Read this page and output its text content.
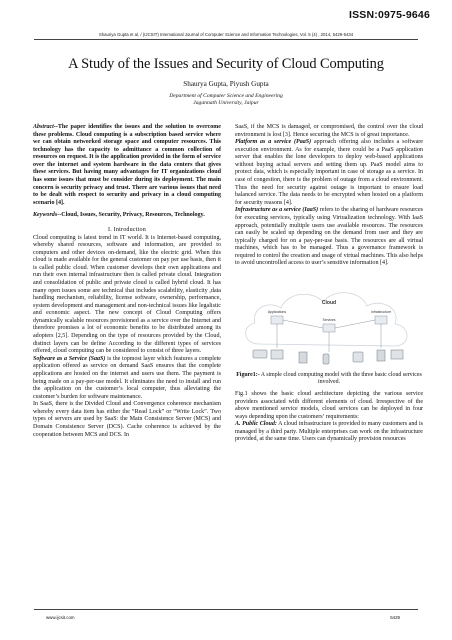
ISSN:0975-9646
Shauriya Gupta et al, / (IJCSIT) International Journal of Computer Science and Information Technologies, Vol. 5 (4) , 2014, 5429-5434
A Study of the Issues and Security of Cloud Computing
Shaurya Gupta, Piyush Gupta
Department of Computer Science and Engineering
Jagannath University, Jaipur

Abstract--The paper identifies the issues and the solution to overcome these problems. Cloud computing is a subscription based service where we can obtain networked storage space and computer resources. This technology has the capacity to admittance a common collection of resources on request. It is the application provided in the form of service over the internet and system hardware in the data centers that gives these services. But having many advantages for IT organizations cloud has some issues that must be consider during its deployment. The main concern is security privacy and trust. There are various issues that need to be dealt with respect to security and privacy in a cloud computing scenario [4].

Keywords--Cloud, Issues, Security, Privacy, Resources, Technology.

I. Introduction

Cloud computing is latest trend in IT world. It is Internet-based computing, whereby shared resources, software and information, are provided to computers and other devices on-demand, like the electric grid. When this cloud is made available for the general customer on pay per use basis, then it is called public cloud. When customer develops their own applications and run their own internal infrastructure then is called private cloud. Integration and consolidation of public and private cloud is called hybrid cloud. It has many open issues some are technical that includes scalability, elasticity ,data handling mechanism, reliability, license software, ownership, performance, system development and management and non-technical issues like legalistic and economic aspect. The new concept of Cloud Computing offers dynamically scalable resources provisioned as a service over the Internet and therefore promises a lot of economic benefits to be distributed among its adopters [2,5]. Depending on the type of resources provided by the Cloud, distinct layers can be define According to the different types of services offered, cloud computing can be considered to consist of three layers.

Software as a Service (SaaS) is the topmost layer which features a complete application offered as service on demand SaaS ensures that the complete applications are hosted on the internet and users use them. The payment is being made on a pay-per-use model. It eliminates the need to install and run the application on the customer’s local computer, thus alleviating the customer’s burden for software maintenance.

In SaaS, there is the Divided Cloud and Convergence coherence mechanism whereby every data item has either the “Read Lock” or “Write Lock”. Two types of servers are used by SaaS: the Main Consistence Server (MCS) and Domain Consistence Server (DCS). Cache coherence is achieved by the cooperation between MCS and DCS. In

SaaS, if the MCS is damaged, or compromised, the control over the cloud environment is lost [3]. Hence securing the MCS is of great importance.

Platform as a service (PaaS) approach offering also includes a software execution environment. As for example, there could be a PaaS application server that enables the lone developers to deploy web-based applications without buying actual servers and setting them up. PaaS model aims to protect data, which is especially important in case of storage as a service. In case of congestion, there is the problem of outage from a cloud environment. Thus the need for security against outage is important to ensure load balanced service. The data needs to be encrypted when hosted on a platform for security reasons [4].

Infrastructure as a service (IaaS) refers to the sharing of hardware resources for executing services, typically using Virtualization technology. With IaaS approach, potentially multiple users use available resources. The resources can easily be scaled up depending on the demand from user and they are typically charged for on a pay-per-use basis. The resources are all virtual machines, which has to be managed. Thus a governance framework is required to control the creation and usage of virtual machines. This also helps to avoid uncontrolled access to user’s sensitive information [4].

Cloud
Applications	Infrastructure
Services
Figure1:- A simple cloud computing model with the three basic cloud services involved.

Fig.1 shows the basic cloud architecture depicting the various service providers associated with different elements of cloud. Irrespective of the above mentioned service models, cloud services can be deployed in four ways depending upon the customers’ requirements:

A. Public Cloud: A cloud infrastructure is provided to many customers and is managed by a third party. Multiple enterprises can work on the infrastructure provided, at the same time. Users can dynamically provision resources

www.ijcsit.com	5429
